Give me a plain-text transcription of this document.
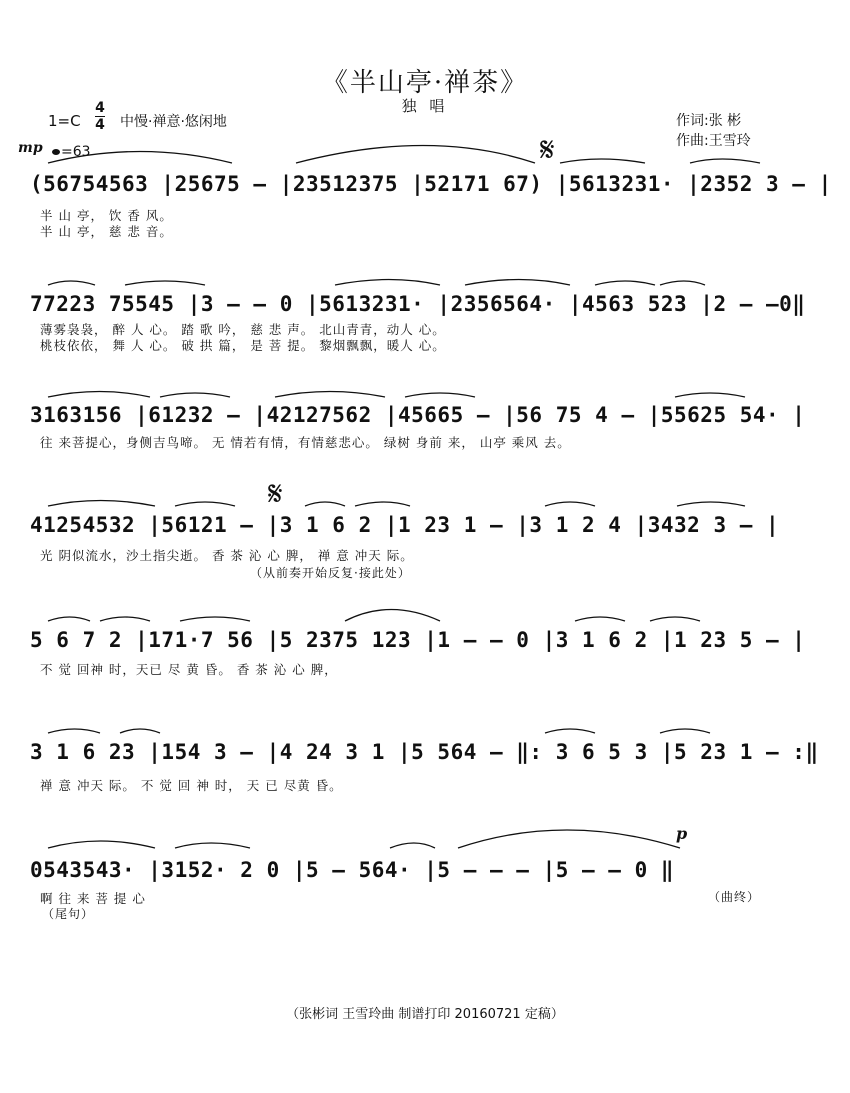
《半山亭·禅茶》
独 唱
作词:张 彬
作曲:王雪玲
1=C
4
4 中慢·禅意·悠闲地
mp	=63	𝄋
𝄋
(56754563 |25675 – |23512375 |52171 67) |5613231· |2352 3 – |
半 山 亭， 饮 香 风。
半 山 亭， 慈 悲 音。
77223 75545 |3 – – 0 |5613231· |2356564· |4563 523 |2 – –0‖
薄雾袅袅， 醉 人 心。 踏 歌 吟， 慈 悲 声。 北山青青，动人 心。
桃枝依依， 舞 人 心。 破 拱 篇， 是 菩 提。 黎烟飘飘，暖人 心。
3163156 |61232 – |42127562 |45665 – |56 75 4 – |55625 54· |
往 来菩提心，身侧吉鸟啼。 无 情若有情，有情慈悲心。 绿树 身前 来， 山亭 乘风 去。
41254532 |56121 – |3 1 6 2 |1 23 1 – |3 1 2 4 |3432 3 – |
光 阴似流水，沙土指尖逝。 香 茶 沁 心 脾， 禅 意 冲天 际。
（从前奏开始反复·接此处）
5 6 7 2 |171·7 56 |5 2375 123 |1 – – 0 |3 1 6 2 |1 23 5 – |
不 觉 回神 时，天已 尽 黄 昏。 香 茶 沁 心 脾，
3 1 6 23 |154 3 – |4 24 3 1 |5 564 – ‖: 3 6 5 3 |5 23 1 – :‖
禅 意 冲天 际。 不 觉 回 神 时， 天 已 尽黄 昏。
p
0543543· |3152· 2 0 |5 – 564· |5 – – – |5 – – 0 ‖
啊 往 来 菩 提 心
（尾句）
（曲终）
（张彬词 王雪玲曲 制谱打印 20160721 定稿）
